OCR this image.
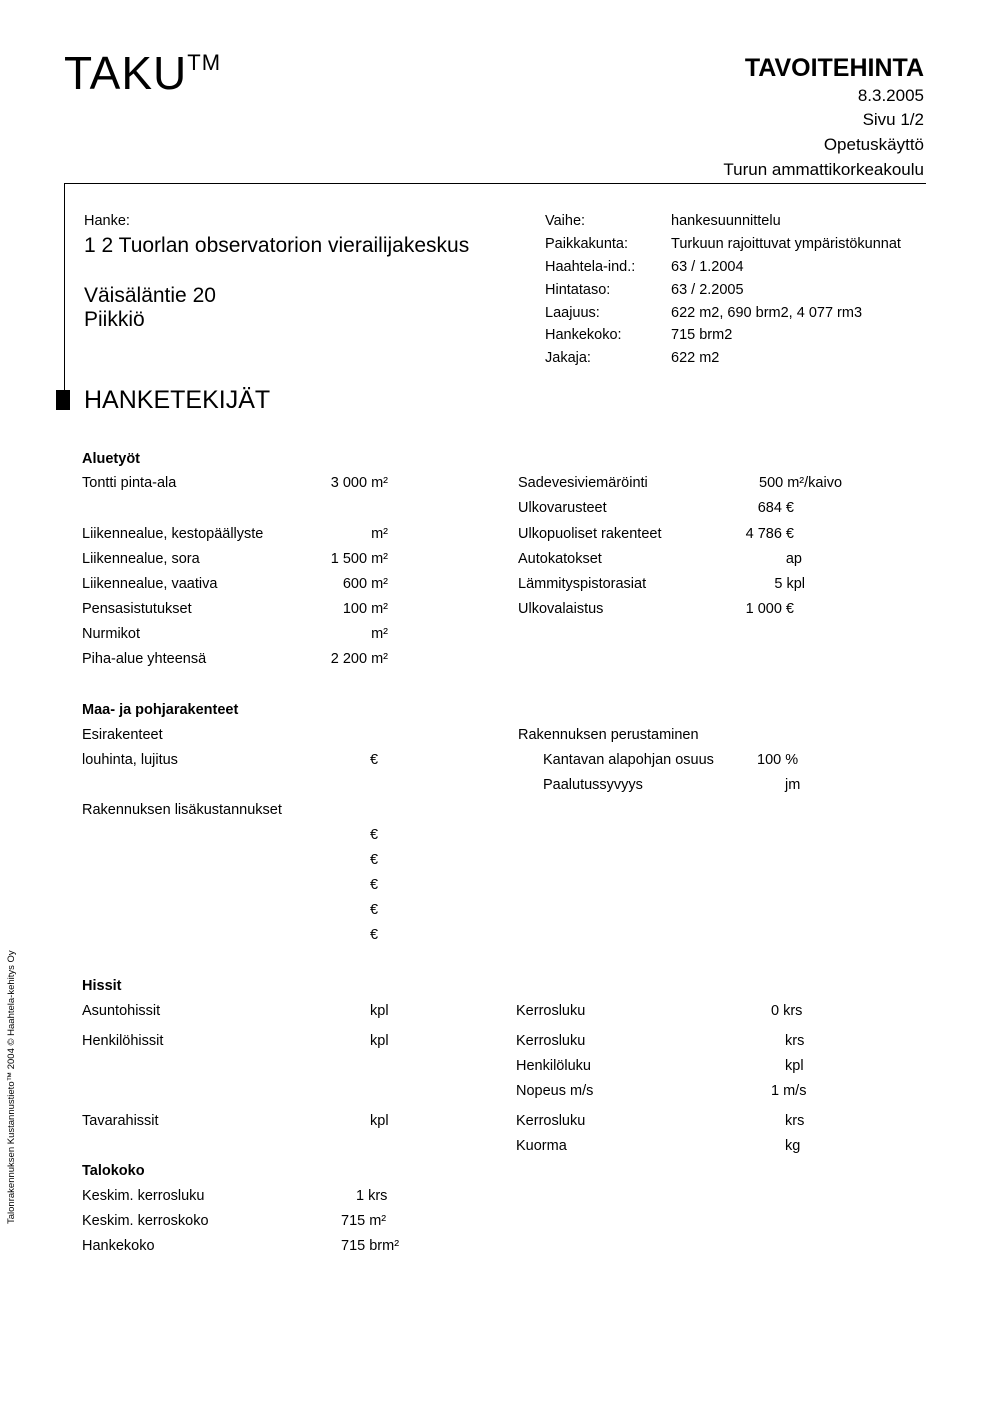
TAKU™	TAVOITEHINTA
8.3.2005
Sivu 1/2
Opetuskäyttö
Turun ammattikorkeakoulu
Hanke:
1 2 Tuorlan observatorion vierailijakeskus
Väisäläntie 20
Piikkiö
Vaihe:	hankesuunnittelu
Paikkakunta:	Turkuun rajoittuvat ympäristökunnat
Haahtela-ind.: 63 / 1.2004
Hintataso:	63 / 2.2005
Laajuus:	622 m2, 690 brm2, 4 077 rm3
Hankekoko:	715 brm2
Jakaja:	622 m2
HANKETEKIJÄT
Aluetyöt
Tontti pinta-ala	3 000 m²
Liikennealue, kestopäällyste	m²
Liikennealue, sora	1 500 m²
Liikennealue, vaativa	600 m²
Pensasistutukset	100 m²
Nurmikot	m²
Piha-alue yhteensä	2 200 m²
Sadevesiviemäröinti	500 m²/kaivo
Ulkovarusteet	684 €
Ulkopuoliset rakenteet	4 786 €
Autokatokset	ap
Lämmityspistorasiat	5 kpl
Ulkovalaistus	1 000 €
Maa- ja pohjarakenteet
Esirakenteet
louhinta, lujitus	€
Rakennuksen lisäkustannukset
€
€
€
€
€
Rakennuksen perustaminen
Kantavan alapohjan osuus	100 %
Paalutussyvyys	jm
Hissit
Asuntohissit	kpl
Henkilöhissit	kpl
Tavarahissit	kpl
Kerrosluku	0 krs
Kerrosluku	krs
Henkilöluku	kpl
Nopeus m/s	1 m/s
Kerrosluku	krs
Kuorma	kg
Talokoko
Keskim. kerrosluku	1 krs
Keskim. kerroskoko	715 m²
Hankekoko	715 brm²
Talonrakennuksen Kustannustieto™ 2004 © Haahtela-kehitys Oy
